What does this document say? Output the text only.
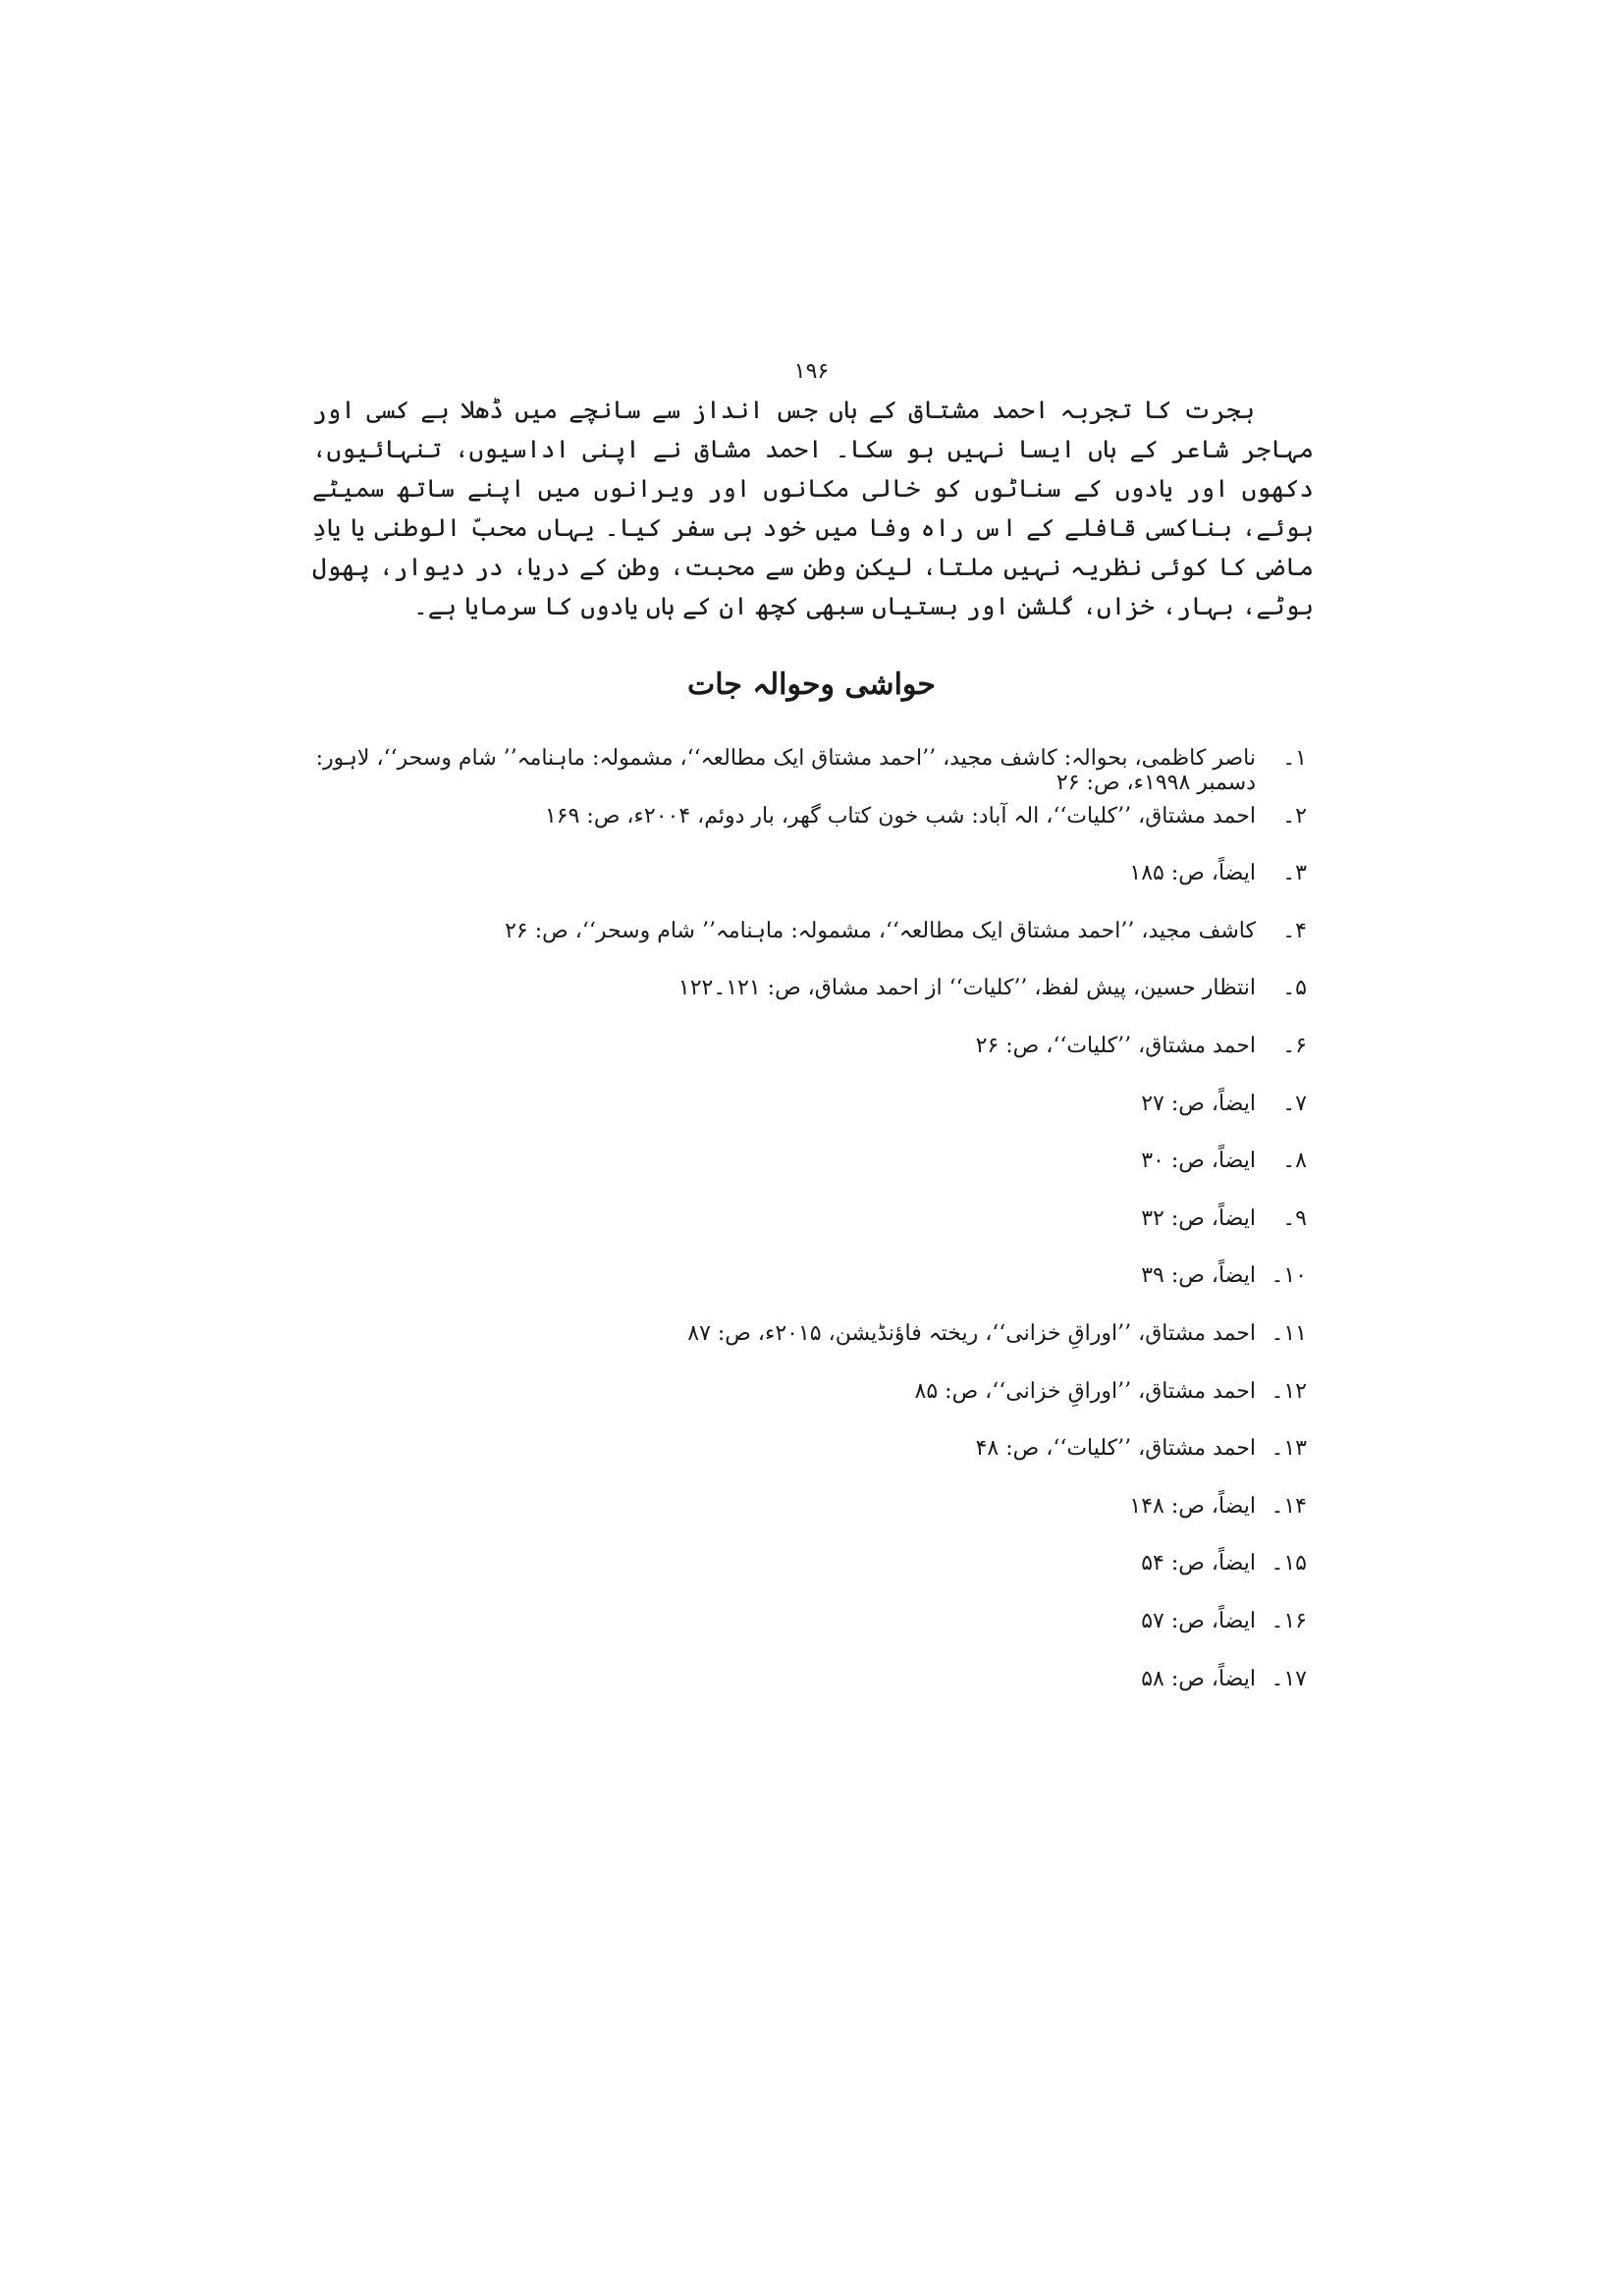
۱۹۶

ہجرت کا تجربہ احمد مشتاق کے ہاں جس انداز سے سانچے میں ڈھلا ہے کسی اور مہاجر شاعر کے ہاں ایسا نہیں ہو سکا۔ احمد مشاق نے اپنی اداسیوں، تنہائیوں، دکھوں اور یادوں کے سناٹوں کو خالی مکانوں اور ویرانوں میں اپنے ساتھ سمیٹے ہوئے، بناکسی قافلے کے اس راہ وفا میں خود ہی سفر کیا۔ یہاں محبّ الوطنی یا یادِ ماضی کا کوئی نظریہ نہیں ملتا، لیکن وطن سے محبت، وطن کے دریا، در دیوار، پھول بوٹے، بہار، خزاں، گلشن اور بستیاں سبھی کچھ ان کے ہاں یادوں کا سرمایا ہے۔

حواشی وحوالہ جات
۱۔
ناصر کاظمی، بحوالہ: کاشف مجید، ’’احمد مشتاق ایک مطالعہ‘‘، مشمولہ: ماہنامہ’’ شام وسحر‘‘، لاہور: دسمبر ۱۹۹۸ء، ص: ۲۶
۲۔
احمد مشتاق، ’’کلیات‘‘، الہ آباد: شب خون کتاب گھر، بار دوئم، ۲۰۰۴ء، ص: ۱۶۹
۳۔
ایضاً، ص: ۱۸۵
۴۔
کاشف مجید، ’’احمد مشتاق ایک مطالعہ‘‘، مشمولہ: ماہنامہ’’ شام وسحر‘‘، ص: ۲۶
۵۔
انتظار حسین، پیش لفظ، ’’کلیات‘‘ از احمد مشاق، ص: ۱۲۱۔۱۲۲
۶۔
احمد مشتاق، ’’کلیات‘‘، ص: ۲۶
۷۔
ایضاً، ص: ۲۷
۸۔
ایضاً، ص: ۳۰
۹۔
ایضاً، ص: ۳۲
۱۰۔
ایضاً، ص: ۳۹
۱۱۔
احمد مشتاق، ’’اوراقِ خزانی‘‘، ریختہ فاؤنڈیشن، ۲۰۱۵ء، ص: ۸۷
۱۲۔
احمد مشتاق، ’’اوراقِ خزانی‘‘، ص: ۸۵
۱۳۔
احمد مشتاق، ’’کلیات‘‘، ص: ۴۸
۱۴۔
ایضاً، ص: ۱۴۸
۱۵۔
ایضاً، ص: ۵۴
۱۶۔
ایضاً، ص: ۵۷
۱۷۔
ایضاً، ص: ۵۸
